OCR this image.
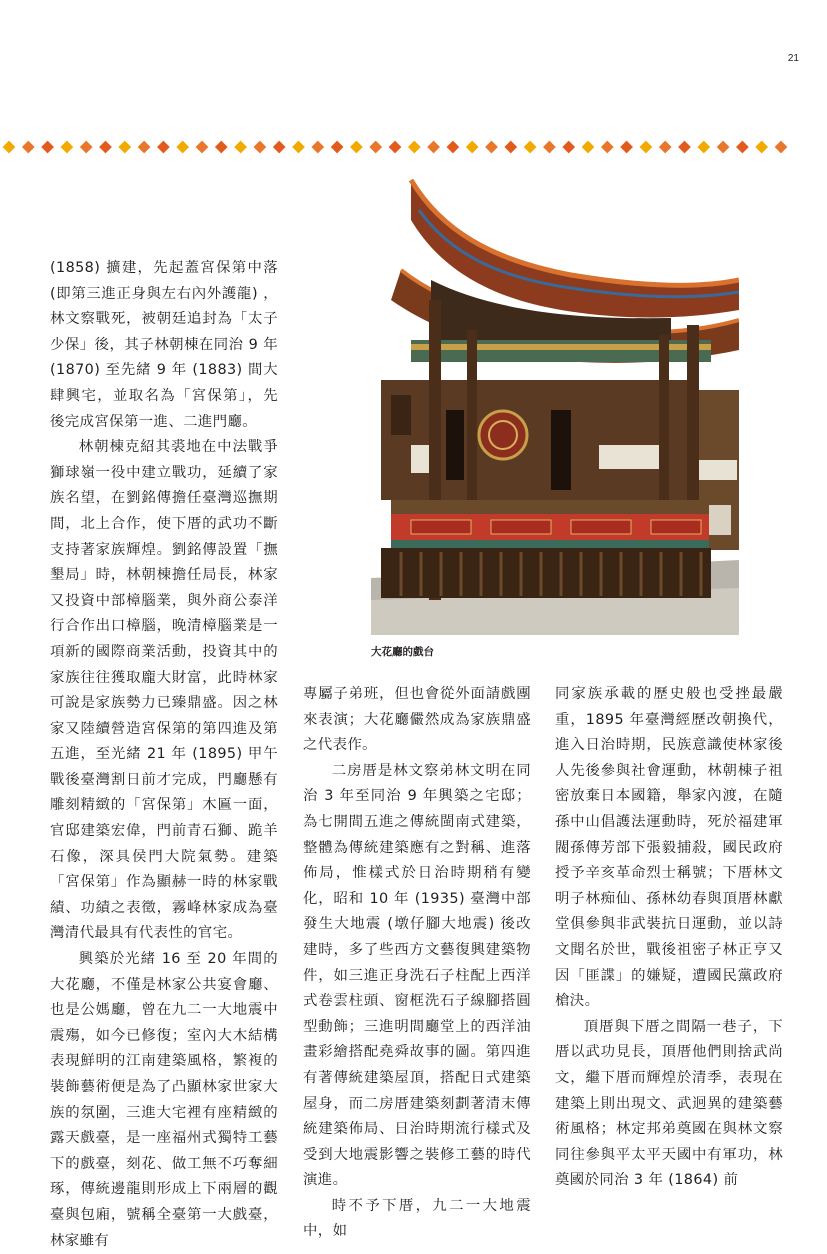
21
大花廳的戲台

(1858) 擴建，先起蓋宮保第中落 (即第三進正身與左右內外護龍) ，林文察戰死，被朝廷追封為「太子少保」後，其子林朝棟在同治 9 年 (1870) 至先緒 9 年 (1883) 間大肆興宅，並取名為「宮保第」，先後完成宮保第一進、二進門廳。

林朝棟克紹其裘地在中法戰爭獅球嶺一役中建立戰功，延續了家族名望，在劉銘傳擔任臺灣巡撫期間，北上合作，使下厝的武功不斷支持著家族輝煌。劉銘傳設置「撫墾局」時，林朝棟擔任局長，林家又投資中部樟腦業，與外商公泰洋行合作出口樟腦，晚清樟腦業是一項新的國際商業活動，投資其中的家族往往獲取龐大財富，此時林家可說是家族勢力已臻鼎盛。因之林家又陸續營造宮保第的第四進及第五進，至光緒 21 年 (1895) 甲午戰後臺灣割日前才完成，門廳懸有雕刻精緻的「宮保第」木匾一面，官邸建築宏偉，門前青石獅、跪羊石像，深具侯門大院氣勢。建築「宮保第」作為顯赫一時的林家戰績、功績之表徵，霧峰林家成為臺灣清代最具有代表性的官宅。

興築於光緒 16 至 20 年間的大花廳，不僅是林家公共宴會廳、也是公媽廳，曾在九二一大地震中震殤，如今已修復；室內大木結構表現鮮明的江南建築風格，繁複的裝飾藝術便是為了凸顯林家世家大族的氛圍，三進大宅裡有座精緻的露天戲臺，是一座福州式獨特工藝下的戲臺，刻花、做工無不巧奪細琢，傳統邊龍則形成上下兩層的觀臺與包廂，號稱全臺第一大戲臺，林家雖有

專屬子弟班，但也會從外面請戲團來表演；大花廳儼然成為家族鼎盛之代表作。

二房厝是林文察弟林文明在同治 3 年至同治 9 年興築之宅邸；為七開間五進之傳統閩南式建築，整體為傳統建築應有之對稱、進落佈局，惟樣式於日治時期稍有變化，昭和 10 年 (1935) 臺灣中部發生大地震 (墩仔腳大地震) 後改建時，多了些西方文藝復興建築物件，如三進正身洗石子柱配上西洋式卷雲柱頭、窗框洗石子線腳搭圓型動飾；三進明間廳堂上的西洋油畫彩繪搭配堯舜故事的圖。第四進有著傳統建築屋頂，搭配日式建築屋身，而二房厝建築刻劃著清末傳統建築佈局、日治時期流行樣式及受到大地震影響之裝修工藝的時代演進。

時不予下厝，九二一大地震中，如

同家族承載的歷史般也受挫最嚴重，1895 年臺灣經歷改朝換代，進入日治時期，民族意識使林家後人先後參與社會運動，林朝棟子祖密放棄日本國籍，舉家內渡，在隨孫中山倡護法運動時，死於福建軍閥孫傳芳部下張毅捕殺，國民政府授予辛亥革命烈士稱號；下厝林文明子林痴仙、孫林幼春與頂厝林獻堂俱參與非武裝抗日運動，並以詩文聞名於世，戰後祖密子林正亨又因「匪諜」的嫌疑，遭國民黨政府槍決。

頂厝與下厝之間隔一巷子，下厝以武功見長，頂厝他們則捨武尚文，繼下厝而輝煌於清季，表現在建築上則出現文、武迥異的建築藝術風格；林定邦弟奠國在與林文察同往參與平太平天國中有軍功，林奠國於同治 3 年 (1864) 前
